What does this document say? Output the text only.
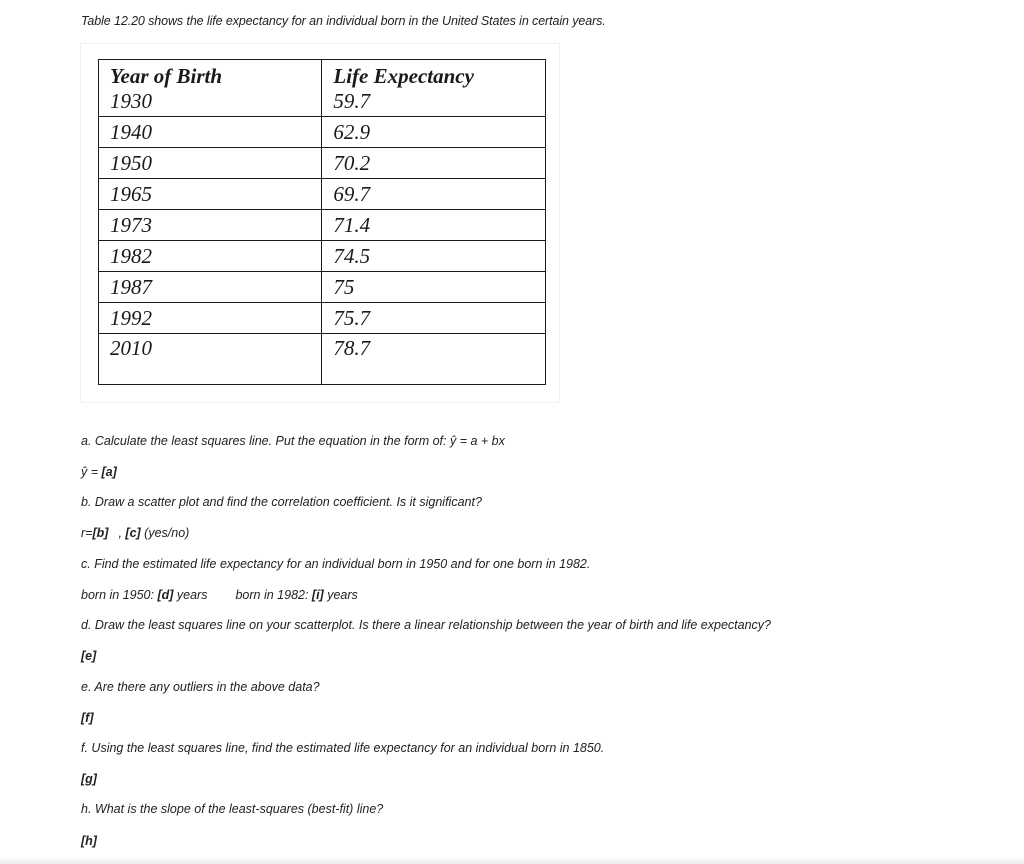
Table 12.20 shows the life expectancy for an individual born in the United States in certain years.
Year of Birth	Life Expectancy
1930	59.7
1940	62.9
1950	70.2
1965	69.7
1973	71.4
1982	74.5
1987	75
1992	75.7
2010	78.7
a. Calculate the least squares line. Put the equation in the form of: ŷ = a + bx
ŷ = [a]
b. Draw a scatter plot and find the correlation coefficient. Is it significant?
r=[b] , [c] (yes/no)
c. Find the estimated life expectancy for an individual born in 1950 and for one born in 1982.
born in 1950: [d] years born in 1982: [i] years
d. Draw the least squares line on your scatterplot. Is there a linear relationship between the year of birth and life expectancy?
[e]
e. Are there any outliers in the above data?
[f]
f. Using the least squares line, find the estimated life expectancy for an individual born in 1850.
[g]
h. What is the slope of the least-squares (best-fit) line?
[h]
